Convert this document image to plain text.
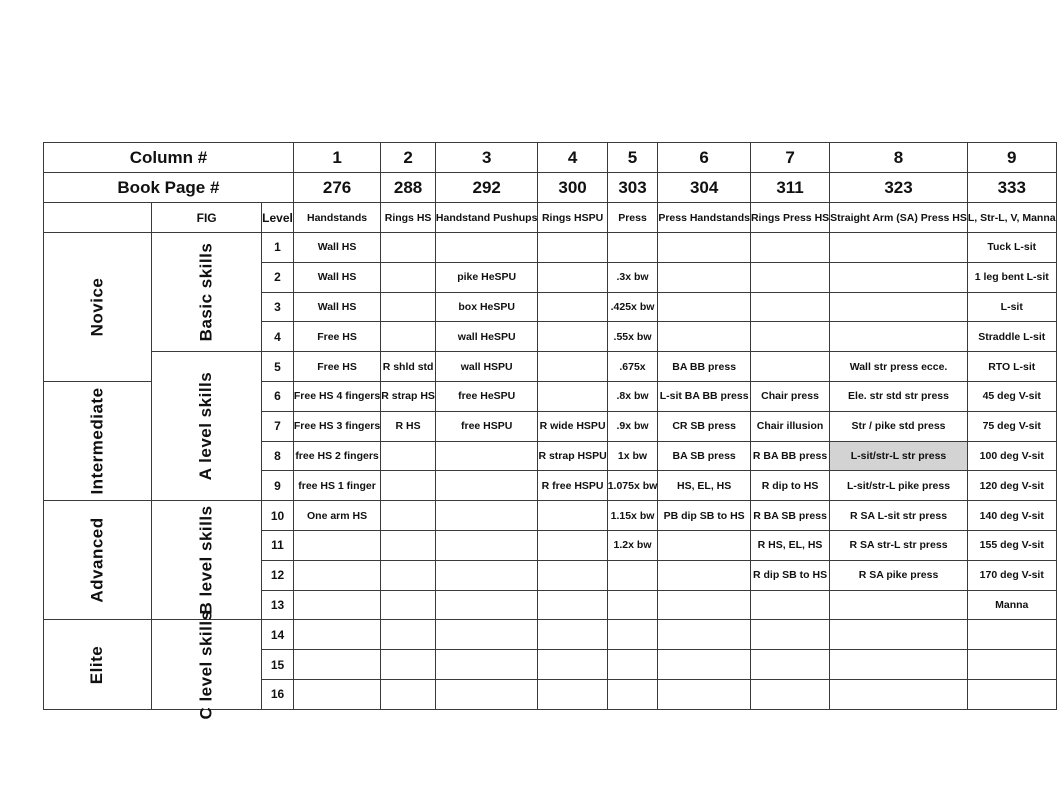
Column #			1	2	3	4	5	6	7	8	9
Book Page #			276	288	292	300	303	304	311	323	333
	FIG	Level	Handstands	Rings HS	Handstand Pushups	Rings HSPU	Press	Press Handstands	Rings Press HS	Straight Arm (SA) Press HS	L, Str-L, V, Manna
Novice	Basic skills	1	Wall HS								Tuck L-sit
		2	Wall HS		pike HeSPU		.3x bw				1 leg bent L-sit
		3	Wall HS		box HeSPU		.425x bw				L-sit
		4	Free HS		wall HeSPU		.55x bw				Straddle L-sit
	A level skills	5	Free HS	R shld std	wall HSPU		.675x	BA BB press		Wall str press ecce.	RTO L-sit
Intermediate		6	Free HS 4 fingers	R strap HS	free HeSPU		.8x bw	L-sit BA BB press	Chair press	Ele. str std str press	45 deg V-sit
		7	Free HS 3 fingers	R HS	free HSPU	R wide HSPU	.9x bw	CR SB press	Chair illusion	Str / pike std press	75 deg V-sit
		8	free HS 2 fingers			R strap HSPU	1x bw	BA SB press	R BA BB press	L-sit/str-L str press	100 deg V-sit
		9	free HS 1 finger			R free HSPU	1.075x bw	HS, EL, HS	R dip to HS	L-sit/str-L pike press	120 deg V-sit
Advanced	B level skills	10	One arm HS				1.15x bw	PB dip SB to HS	R BA SB press	R SA L-sit str press	140 deg V-sit
		11					1.2x bw		R HS, EL, HS	R SA str-L str press	155 deg V-sit
		12							R dip SB to HS	R SA pike press	170 deg V-sit
		13									Manna
Elite	C level skills	14									
		15									
		16									
